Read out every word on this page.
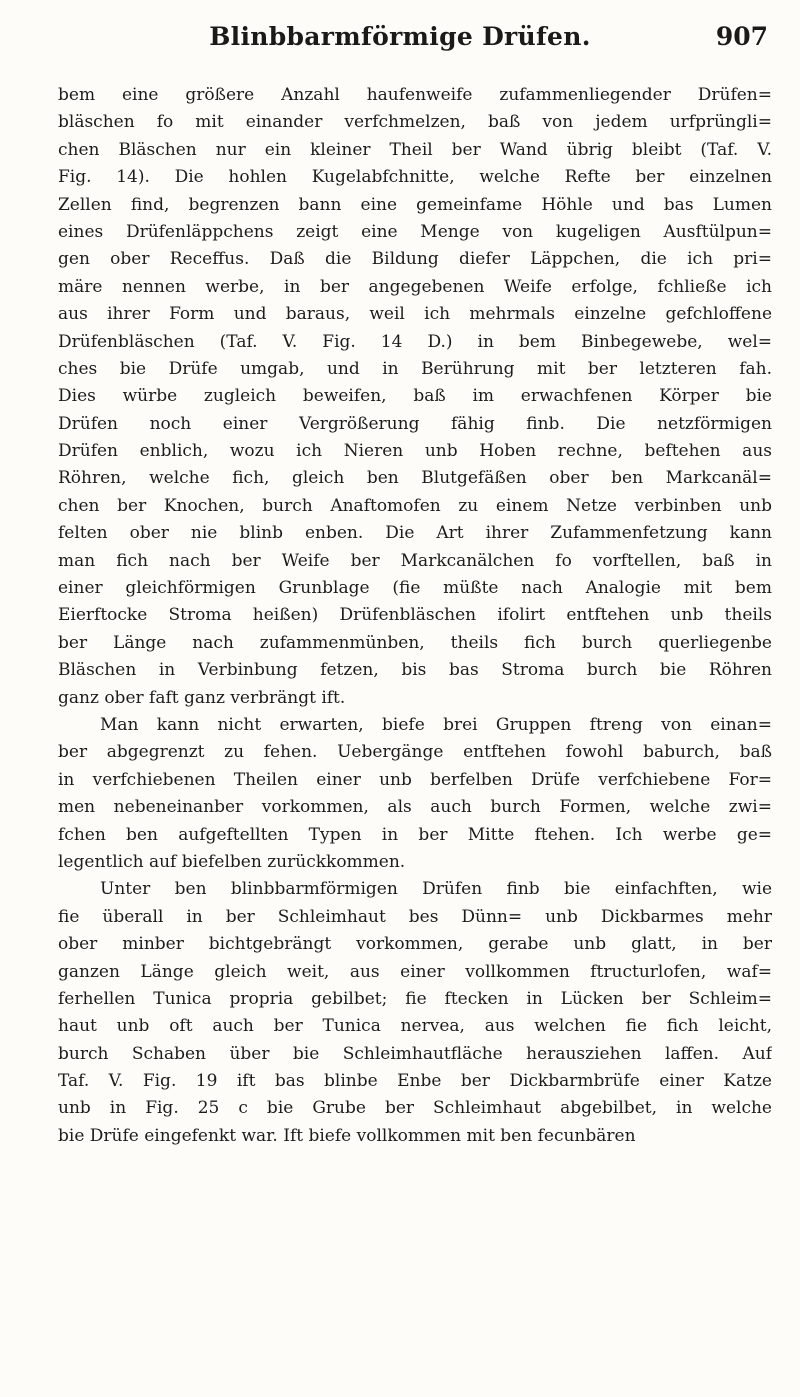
Blinbbarmförmige Drüfen.	907
bem eine größere Anzahl haufenweife zufammenliegender Drüfen=
bläschen fo mit einander verfchmelzen, baß von jedem urfprüngli=
chen Bläschen nur ein kleiner Theil ber Wand übrig bleibt (Taf. V.
Fig. 14). Die hohlen Kugelabfchnitte, welche Refte ber einzelnen
Zellen find, begrenzen bann eine gemeinfame Höhle und bas Lumen
eines Drüfenläppchens zeigt eine Menge von kugeligen Ausftülpun=
gen ober Receffus. Daß die Bildung diefer Läppchen, die ich pri=
märe nennen werbe, in ber angegebenen Weife erfolge, fchließe ich
aus ihrer Form und baraus, weil ich mehrmals einzelne gefchloffene
Drüfenbläschen (Taf. V. Fig. 14 D.) in bem Binbegewebe, wel=
ches bie Drüfe umgab, und in Berührung mit ber letzteren fah.
Dies würbe zugleich beweifen, baß im erwachfenen Körper bie
Drüfen noch einer Vergrößerung fähig finb. Die netzförmigen
Drüfen enblich, wozu ich Nieren unb Hoben rechne, beftehen aus
Röhren, welche fich, gleich ben Blutgefäßen ober ben Markcanäl=
chen ber Knochen, burch Anaftomofen zu einem Netze verbinben unb
felten ober nie blinb enben. Die Art ihrer Zufammenfetzung kann
man fich nach ber Weife ber Markcanälchen fo vorftellen, baß in
einer gleichförmigen Grunblage (fie müßte nach Analogie mit bem
Eierftocke Stroma heißen) Drüfenbläschen ifolirt entftehen unb theils
ber Länge nach zufammenmünben, theils fich burch querliegenbe
Bläschen in Verbinbung fetzen, bis bas Stroma burch bie Röhren
ganz ober faft ganz verbrängt ift.
Man kann nicht erwarten, biefe brei Gruppen ftreng von einan=
ber abgegrenzt zu fehen. Uebergänge entftehen fowohl baburch, baß
in verfchiebenen Theilen einer unb berfelben Drüfe verfchiebene For=
men nebeneinanber vorkommen, als auch burch Formen, welche zwi=
fchen ben aufgeftellten Typen in ber Mitte ftehen. Ich werbe ge=
legentlich auf biefelben zurückkommen.
Unter ben blinbbarmförmigen Drüfen finb bie einfachften, wie
fie überall in ber Schleimhaut bes Dünn= unb Dickbarmes mehr
ober minber bichtgebrängt vorkommen, gerabe unb glatt, in ber
ganzen Länge gleich weit, aus einer vollkommen ftructurlofen, waf=
ferhellen Tunica propria gebilbet; fie ftecken in Lücken ber Schleim=
haut unb oft auch ber Tunica nervea, aus welchen fie fich leicht,
burch Schaben über bie Schleimhautfläche herausziehen laffen. Auf
Taf. V. Fig. 19 ift bas blinbe Enbe ber Dickbarmbrüfe einer Katze
unb in Fig. 25 c bie Grube ber Schleimhaut abgebilbet, in welche
bie Drüfe eingefenkt war. Ift biefe vollkommen mit ben fecunbären
